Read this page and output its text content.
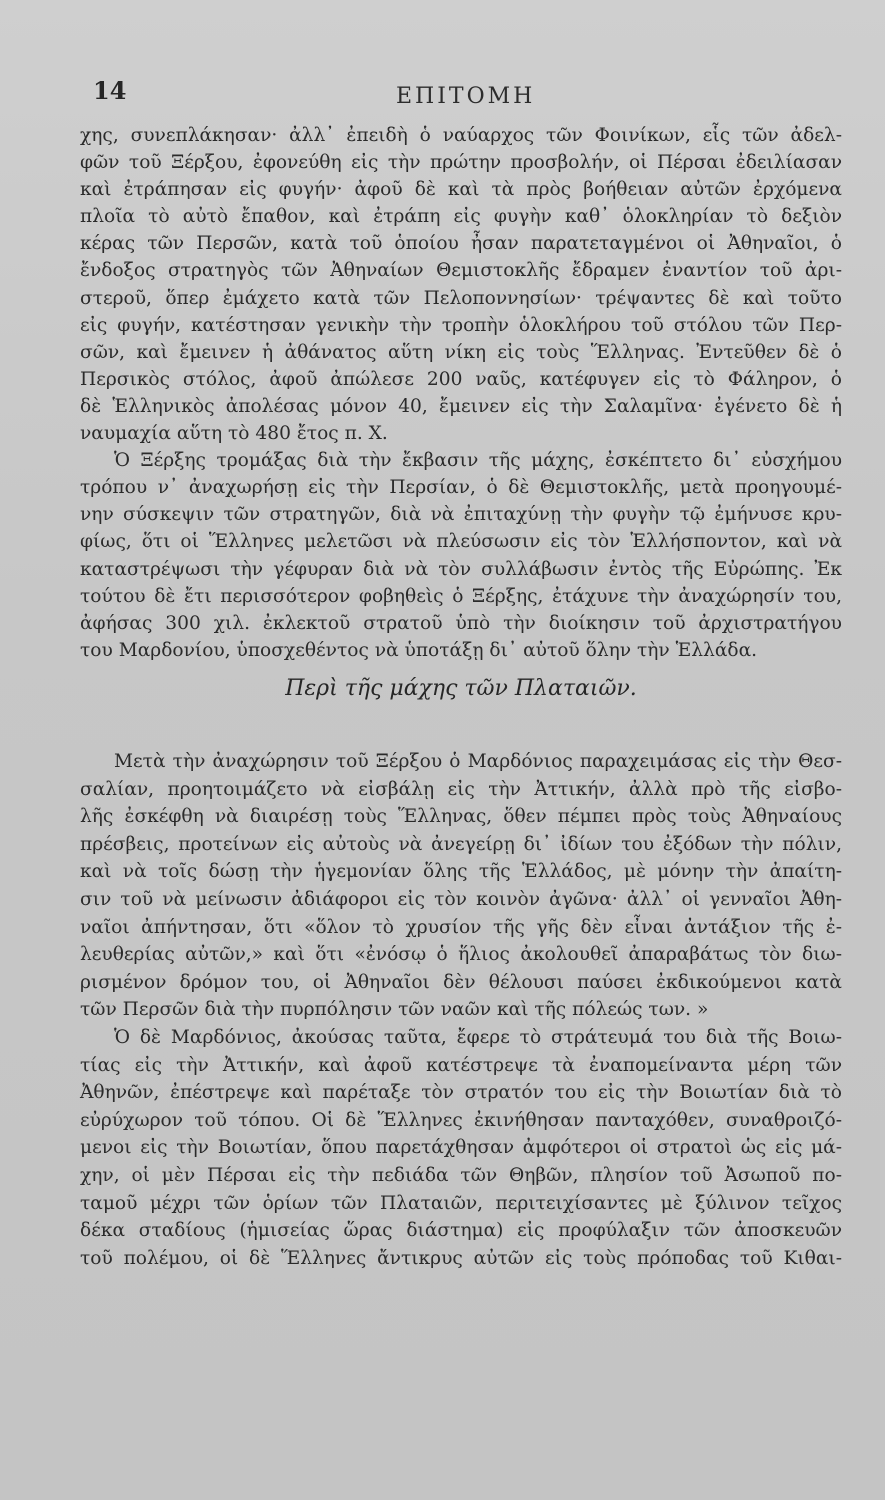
14	ΕΠΙΤΟΜΗ
χης, συνεπλάκησαν· ἀλλ᾽ ἐπειδὴ ὁ ναύαρχος τῶν Φοινίκων, εἷς τῶν ἀδελ-
φῶν τοῦ Ξέρξου, ἐφονεύθη εἰς τὴν πρώτην προσβολήν, οἱ Πέρσαι ἐδειλίασαν
καὶ ἐτράπησαν εἰς φυγήν· ἀφοῦ δὲ καὶ τὰ πρὸς βοήθειαν αὐτῶν ἐρχόμενα
πλοῖα τὸ αὐτὸ ἔπαθον, καὶ ἐτράπη εἰς φυγὴν καθ᾽ ὁλοκληρίαν τὸ δεξιὸν
κέρας τῶν Περσῶν, κατὰ τοῦ ὁποίου ἦσαν παρατεταγμένοι οἱ Ἀθηναῖοι, ὁ
ἔνδοξος στρατηγὸς τῶν Ἀθηναίων Θεμιστοκλῆς ἔδραμεν ἐναντίον τοῦ ἀρι-
στεροῦ, ὅπερ ἐμάχετο κατὰ τῶν Πελοποννησίων· τρέψαντες δὲ καὶ τοῦτο
εἰς φυγήν, κατέστησαν γενικὴν τὴν τροπὴν ὁλοκλήρου τοῦ στόλου τῶν Περ-
σῶν, καὶ ἔμεινεν ἡ ἀθάνατος αὕτη νίκη εἰς τοὺς Ἕλληνας. Ἐντεῦθεν δὲ ὁ
Περσικὸς στόλος, ἀφοῦ ἀπώλεσε 200 ναῦς, κατέφυγεν εἰς τὸ Φάληρον, ὁ
δὲ Ἑλληνικὸς ἀπολέσας μόνον 40, ἔμεινεν εἰς τὴν Σαλαμῖνα· ἐγένετο δὲ ἡ
ναυμαχία αὕτη τὸ 480 ἔτος π. Χ.
Ὁ Ξέρξης τρομάξας διὰ τὴν ἔκβασιν τῆς μάχης, ἐσκέπτετο δι᾽ εὐσχήμου
τρόπου ν᾽ ἀναχωρήσῃ εἰς τὴν Περσίαν, ὁ δὲ Θεμιστοκλῆς, μετὰ προηγουμέ-
νην σύσκεψιν τῶν στρατηγῶν, διὰ νὰ ἐπιταχύνῃ τὴν φυγὴν τῷ ἐμήνυσε κρυ-
φίως, ὅτι οἱ Ἕλληνες μελετῶσι νὰ πλεύσωσιν εἰς τὸν Ἑλλήσποντον, καὶ νὰ
καταστρέψωσι τὴν γέφυραν διὰ νὰ τὸν συλλάβωσιν ἐντὸς τῆς Εὐρώπης. Ἐκ
τούτου δὲ ἔτι περισσότερον φοβηθεὶς ὁ Ξέρξης, ἐτάχυνε τὴν ἀναχώρησίν του,
ἀφήσας 300 χιλ. ἐκλεκτοῦ στρατοῦ ὑπὸ τὴν διοίκησιν τοῦ ἀρχιστρατήγου
του Μαρδονίου, ὑποσχεθέντος νὰ ὑποτάξῃ δι᾽ αὐτοῦ ὅλην τὴν Ἑλλάδα.
Περὶ τῆς μάχης τῶν Πλαταιῶν.
Μετὰ τὴν ἀναχώρησιν τοῦ Ξέρξου ὁ Μαρδόνιος παραχειμάσας εἰς τὴν Θεσ-
σαλίαν, προητοιμάζετο νὰ εἰσβάλῃ εἰς τὴν Ἀττικήν, ἀλλὰ πρὸ τῆς εἰσβο-
λῆς ἐσκέφθη νὰ διαιρέσῃ τοὺς Ἕλληνας, ὅθεν πέμπει πρὸς τοὺς Ἀθηναίους
πρέσβεις, προτείνων εἰς αὐτοὺς νὰ ἀνεγείρῃ δι᾽ ἰδίων του ἐξόδων τὴν πόλιν,
καὶ νὰ τοῖς δώσῃ τὴν ἡγεμονίαν ὅλης τῆς Ἑλλάδος, μὲ μόνην τὴν ἀπαίτη-
σιν τοῦ νὰ μείνωσιν ἀδιάφοροι εἰς τὸν κοινὸν ἀγῶνα· ἀλλ᾽ οἱ γενναῖοι Ἀθη-
ναῖοι ἀπήντησαν, ὅτι «ὅλον τὸ χρυσίον τῆς γῆς δὲν εἶναι ἀντάξιον τῆς ἐ-
λευθερίας αὐτῶν,» καὶ ὅτι «ἐνόσῳ ὁ ἥλιος ἀκολουθεῖ ἀπαραβάτως τὸν διω-
ρισμένον δρόμον του, οἱ Ἀθηναῖοι δὲν θέλουσι παύσει ἐκδικούμενοι κατὰ
τῶν Περσῶν διὰ τὴν πυρπόλησιν τῶν ναῶν καὶ τῆς πόλεώς των. »
Ὁ δὲ Μαρδόνιος, ἀκούσας ταῦτα, ἔφερε τὸ στράτευμά του διὰ τῆς Βοιω-
τίας εἰς τὴν Ἀττικήν, καὶ ἀφοῦ κατέστρεψε τὰ ἐναπομείναντα μέρη τῶν
Ἀθηνῶν, ἐπέστρεψε καὶ παρέταξε τὸν στρατόν του εἰς τὴν Βοιωτίαν διὰ τὸ
εὐρύχωρον τοῦ τόπου. Οἱ δὲ Ἕλληνες ἐκινήθησαν πανταχόθεν, συναθροιζό-
μενοι εἰς τὴν Βοιωτίαν, ὅπου παρετάχθησαν ἀμφότεροι οἱ στρατοὶ ὡς εἰς μά-
χην, οἱ μὲν Πέρσαι εἰς τὴν πεδιάδα τῶν Θηβῶν, πλησίον τοῦ Ἀσωποῦ πο-
ταμοῦ μέχρι τῶν ὁρίων τῶν Πλαταιῶν, περιτειχίσαντες μὲ ξύλινον τεῖχος
δέκα σταδίους (ἡμισείας ὥρας διάστημα) εἰς προφύλαξιν τῶν ἀποσκευῶν
τοῦ πολέμου, οἱ δὲ Ἕλληνες ἄντικρυς αὐτῶν εἰς τοὺς πρόποδας τοῦ Κιθαι-
